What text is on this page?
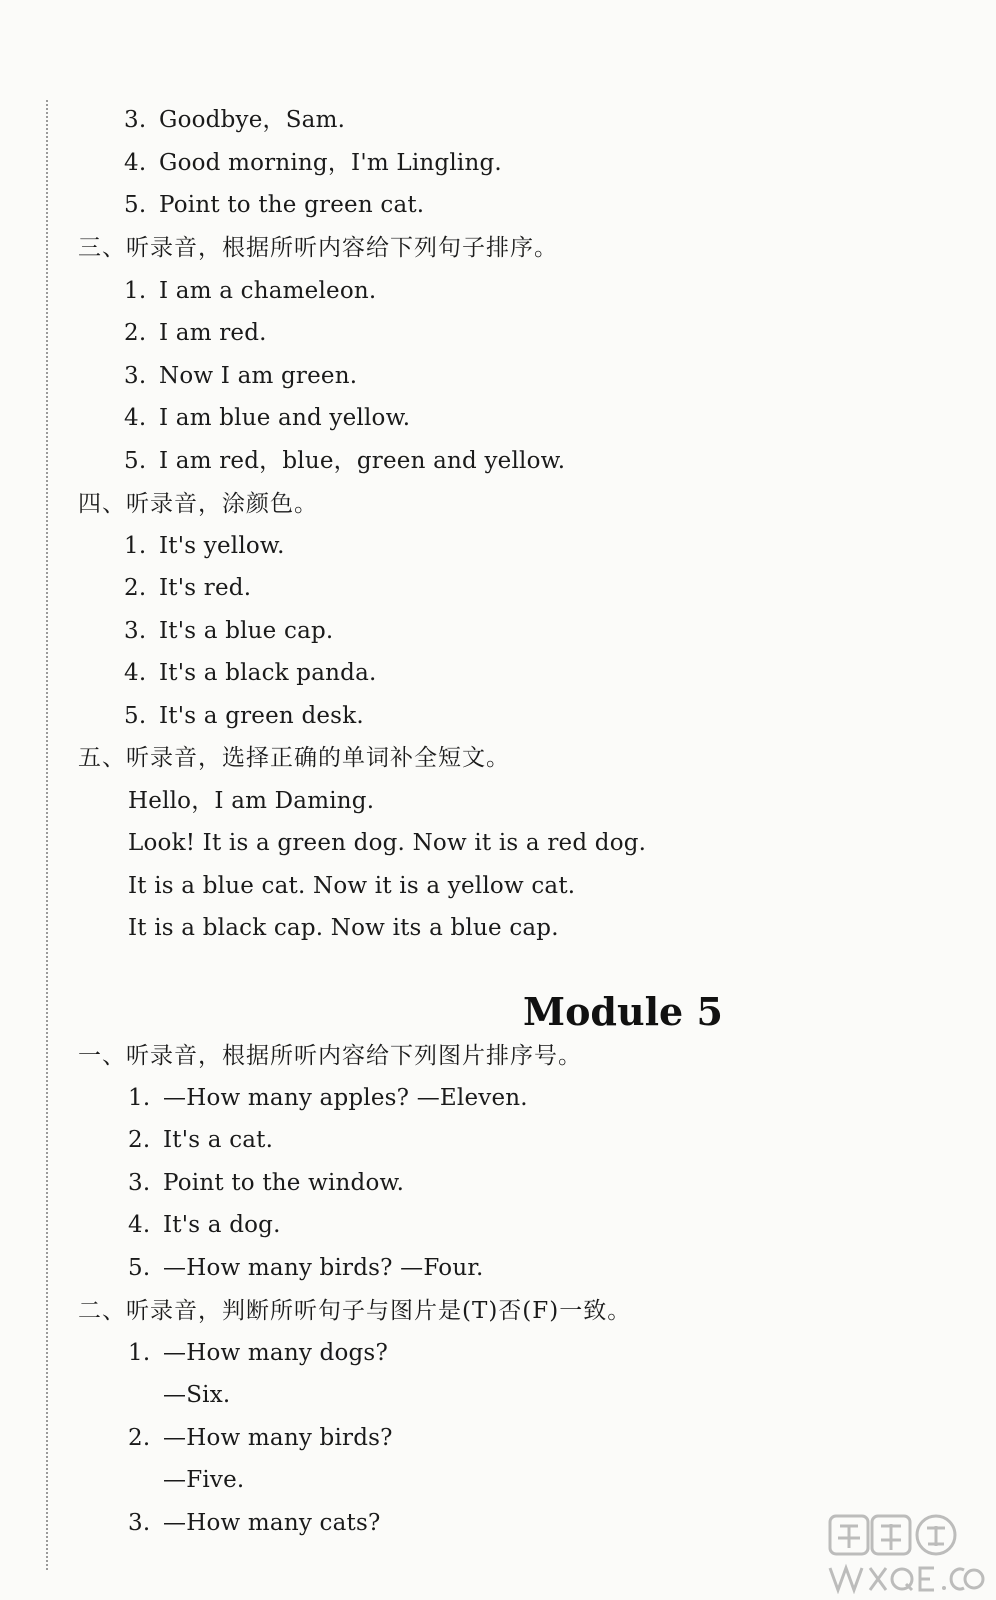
3. Goodbye，Sam.
4. Good morning，I'm Lingling.
5. Point to the green cat.
三、听录音，根据所听内容给下列句子排序。
1. I am a chameleon.
2. I am red.
3. Now I am green.
4. I am blue and yellow.
5. I am red，blue，green and yellow.
四、听录音，涂颜色。
1. It's yellow.
2. It's red.
3. It's a blue cap.
4. It's a black panda.
5. It's a green desk.
五、听录音，选择正确的单词补全短文。
Hello，I am Daming.
Look! It is a green dog. Now it is a red dog.
It is a blue cat. Now it is a yellow cat.
It is a black cap. Now its a blue cap.
Module 5
一、听录音，根据所听内容给下列图片排序号。
1. —How many apples? —Eleven.
2. It's a cat.
3. Point to the window.
4. It's a dog.
5. —How many birds? —Four.
二、听录音，判断所听句子与图片是(T)否(F)一致。
1. —How many dogs?
—Six.
2. —How many birds?
—Five.
3. —How many cats?
